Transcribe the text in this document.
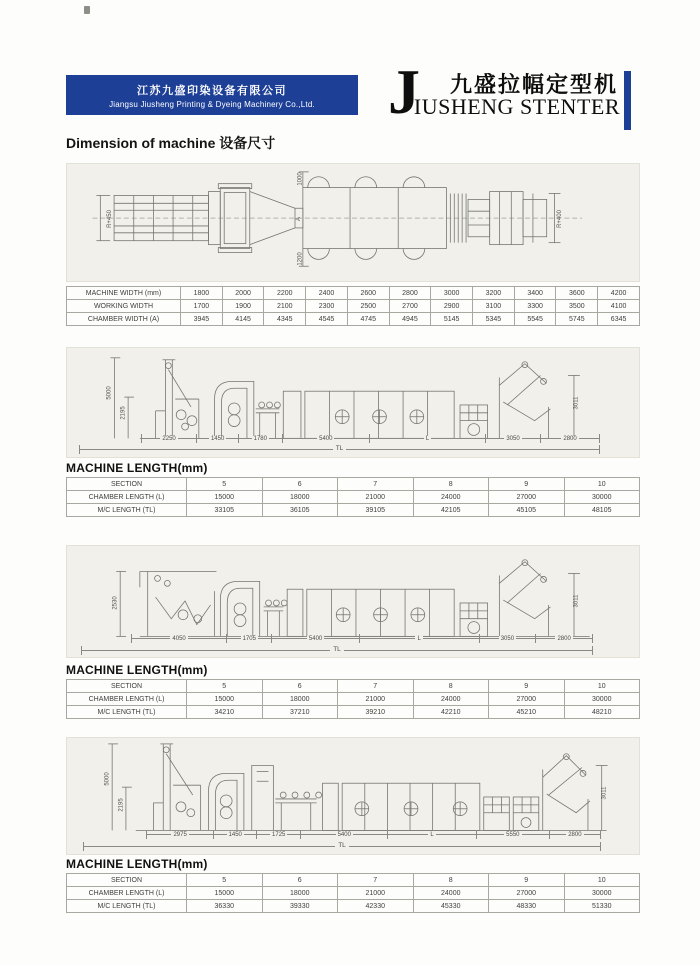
江苏九盛印染设备有限公司
Jiangsu Jiusheng Printing & Dyeing Machinery Co.,Ltd. J 九盛拉幅定型机
IUSHENG STENTER
Dimension of machine 设备尺寸
R+450
1000
A
1200
R+400
MACHINE WIDTH (mm)	1800	2000	2200	2400	2600	2800	3000	3200	3400	3600	4200
WORKING WIDTH	1700	1900	2100	2300	2500	2700	2900	3100	3300	3500	4100
CHAMBER WIDTH (A)	3945	4145	4345	4545	4745	4945	5145	5345	5545	5745	6345
5000
2195
3011
2250	1450	1780	5400	L	3050	2800
TL
MACHINE LENGTH(mm)
SECTION	5	6	7	8	9	10
CHAMBER LENGTH (L)	15000	18000	21000	24000	27000	30000
M/C LENGTH (TL)	33105	36105	39105	42105	45105	48105
2530	3011
4050	1705	5400	L	3050	2800
TL
MACHINE LENGTH(mm)
SECTION	5	6	7	8	9	10
CHAMBER LENGTH (L)	15000	18000	21000	24000	27000	30000
M/C LENGTH (TL)	34210	37210	39210	42210	45210	48210
5000
2195
3011
2975	1450	1725	5400	L	5550	2800
TL
MACHINE LENGTH(mm)
SECTION	5	6	7	8	9	10
CHAMBER LENGTH (L)	15000	18000	21000	24000	27000	30000
M/C LENGTH (TL)	36330	39330	42330	45330	48330	51330
